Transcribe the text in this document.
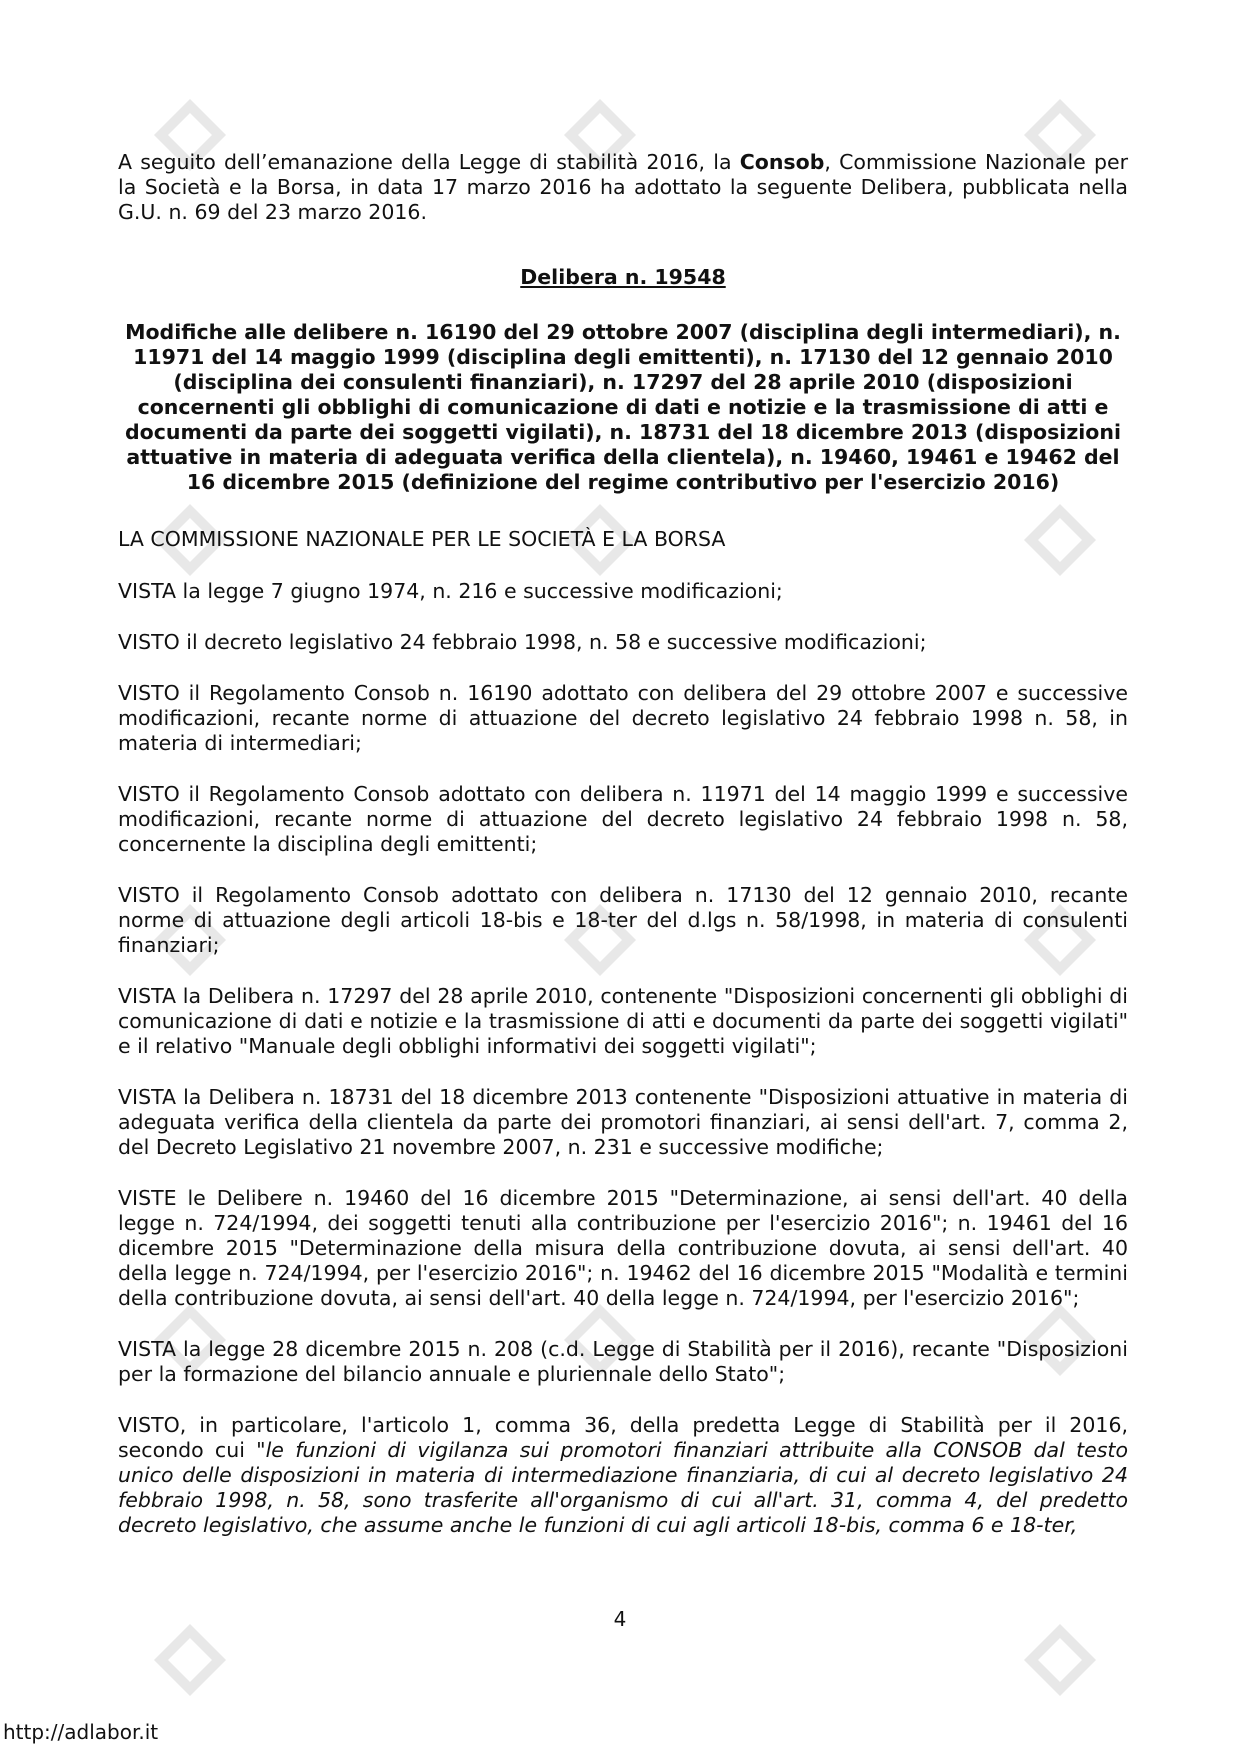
A seguito dell’emanazione della Legge di stabilità 2016, la Consob, Commissione Nazionale per la Società e la Borsa, in data 17 marzo 2016 ha adottato la seguente Delibera, pubblicata nella G.U. n. 69 del 23 marzo 2016.

Delibera n. 19548
Modifiche alle delibere n. 16190 del 29 ottobre 2007 (disciplina degli intermediari), n. 11971 del 14 maggio 1999 (disciplina degli emittenti), n. 17130 del 12 gennaio 2010 (disciplina dei consulenti finanziari), n. 17297 del 28 aprile 2010 (disposizioni concernenti gli obblighi di comunicazione di dati e notizie e la trasmissione di atti e documenti da parte dei soggetti vigilati), n. 18731 del 18 dicembre 2013 (disposizioni attuative in materia di adeguata verifica della clientela), n. 19460, 19461 e 19462 del 16 dicembre 2015 (definizione del regime contributivo per l'esercizio 2016)

LA COMMISSIONE NAZIONALE PER LE SOCIETÀ E LA BORSA

VISTA la legge 7 giugno 1974, n. 216 e successive modificazioni;

VISTO il decreto legislativo 24 febbraio 1998, n. 58 e successive modificazioni;

VISTO il Regolamento Consob n. 16190 adottato con delibera del 29 ottobre 2007 e successive modificazioni, recante norme di attuazione del decreto legislativo 24 febbraio 1998 n. 58, in materia di intermediari;

VISTO il Regolamento Consob adottato con delibera n. 11971 del 14 maggio 1999 e successive modificazioni, recante norme di attuazione del decreto legislativo 24 febbraio 1998 n. 58, concernente la disciplina degli emittenti;

VISTO il Regolamento Consob adottato con delibera n. 17130 del 12 gennaio 2010, recante norme di attuazione degli articoli 18-bis e 18-ter del d.lgs n. 58/1998, in materia di consulenti finanziari;

VISTA la Delibera n. 17297 del 28 aprile 2010, contenente "Disposizioni concernenti gli obblighi di comunicazione di dati e notizie e la trasmissione di atti e documenti da parte dei soggetti vigilati" e il relativo "Manuale degli obblighi informativi dei soggetti vigilati";

VISTA la Delibera n. 18731 del 18 dicembre 2013 contenente "Disposizioni attuative in materia di adeguata verifica della clientela da parte dei promotori finanziari, ai sensi dell'art. 7, comma 2, del Decreto Legislativo 21 novembre 2007, n. 231 e successive modifiche;

VISTE le Delibere n. 19460 del 16 dicembre 2015 "Determinazione, ai sensi dell'art. 40 della legge n. 724/1994, dei soggetti tenuti alla contribuzione per l'esercizio 2016"; n. 19461 del 16 dicembre 2015 "Determinazione della misura della contribuzione dovuta, ai sensi dell'art. 40 della legge n. 724/1994, per l'esercizio 2016"; n. 19462 del 16 dicembre 2015 "Modalità e termini della contribuzione dovuta, ai sensi dell'art. 40 della legge n. 724/1994, per l'esercizio 2016";

VISTA la legge 28 dicembre 2015 n. 208 (c.d. Legge di Stabilità per il 2016), recante "Disposizioni per la formazione del bilancio annuale e pluriennale dello Stato";

VISTO, in particolare, l'articolo 1, comma 36, della predetta Legge di Stabilità per il 2016, secondo cui "le funzioni di vigilanza sui promotori finanziari attribuite alla CONSOB dal testo unico delle disposizioni in materia di intermediazione finanziaria, di cui al decreto legislativo 24 febbraio 1998, n. 58, sono trasferite all'organismo di cui all'art. 31, comma 4, del predetto decreto legislativo, che assume anche le funzioni di cui agli articoli 18-bis, comma 6 e 18-ter,

4
http://adlabor.it
